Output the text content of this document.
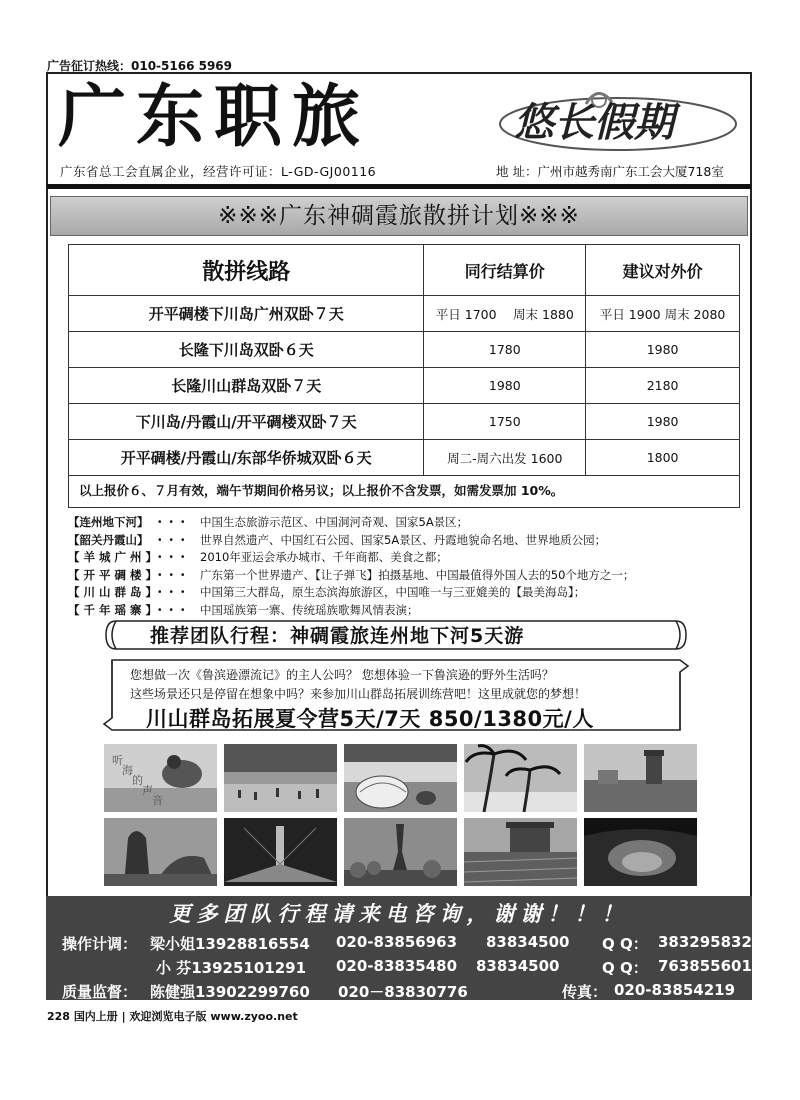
广告征订热线：010-5166 5969
广东职旅	悠长假期
广东省总工会直属企业，经营许可证：L-GD-GJ00116	地 址：广州市越秀南广东工会大厦718室
※※※广东神碉霞旅散拼计划※※※
散拼线路	同行结算价	建议对外价
开平碉楼下川岛广州双卧７天	平日 1700　 周末 1880	平日 1900 周末 2080
长隆下川岛双卧６天	1780	1980
长隆川山群岛双卧７天	1980	2180
下川岛/丹霞山/开平碉楼双卧７天	1750	1980
开平碉楼/丹霞山/东部华侨城双卧６天	周二-周六出发 1600	1800
以上报价６、７月有效，端午节期间价格另议；以上报价不含发票，如需发票加 10%。
【连州地下河】 ・・・ 中国生态旅游示范区、中国洞河奇观、国家5A景区；
【韶关丹霞山】 ・・・ 世界自然遗产、中国红石公园、国家5A景区、丹霞地貌命名地、世界地质公园；
【 羊 城 广 州 】・・・ 2010年亚运会承办城市、千年商都、美食之都；
【 开 平 碉 楼 】・・・ 广东第一个世界遗产、【让子弹飞】拍摄基地、中国最值得外国人去的50个地方之一；
【 川 山 群 岛 】・・・ 中国第三大群岛，原生态滨海旅游区，中国唯一与三亚媲美的【最美海岛】；
【 千 年 瑶 寨 】・・・ 中国瑶族第一寨、传统瑶族歌舞风情表演；
推荐团队行程：神碉霞旅连州地下河5天游
您想做一次《鲁滨逊漂流记》的主人公吗？ 您想体验一下鲁滨逊的野外生活吗？
这些场景还只是停留在想象中吗？来参加川山群岛拓展训练营吧！这里成就您的梦想！
川山群岛拓展夏令营5天/7天 850/1380元/人
听
海
的
声
音
更多团队行程请来电咨询，谢谢！！！
操作计调： 梁小姐13928816554 020-83856963 83834500 Q Q： 383295832
小 芬13925101291 020-83835480 83834500	Q Q： 763855601
质量监督： 陈健强13902299760 020－83830776	传真： 020-83854219
228 国内上册 | 欢迎浏览电子版 www.zyoo.net
